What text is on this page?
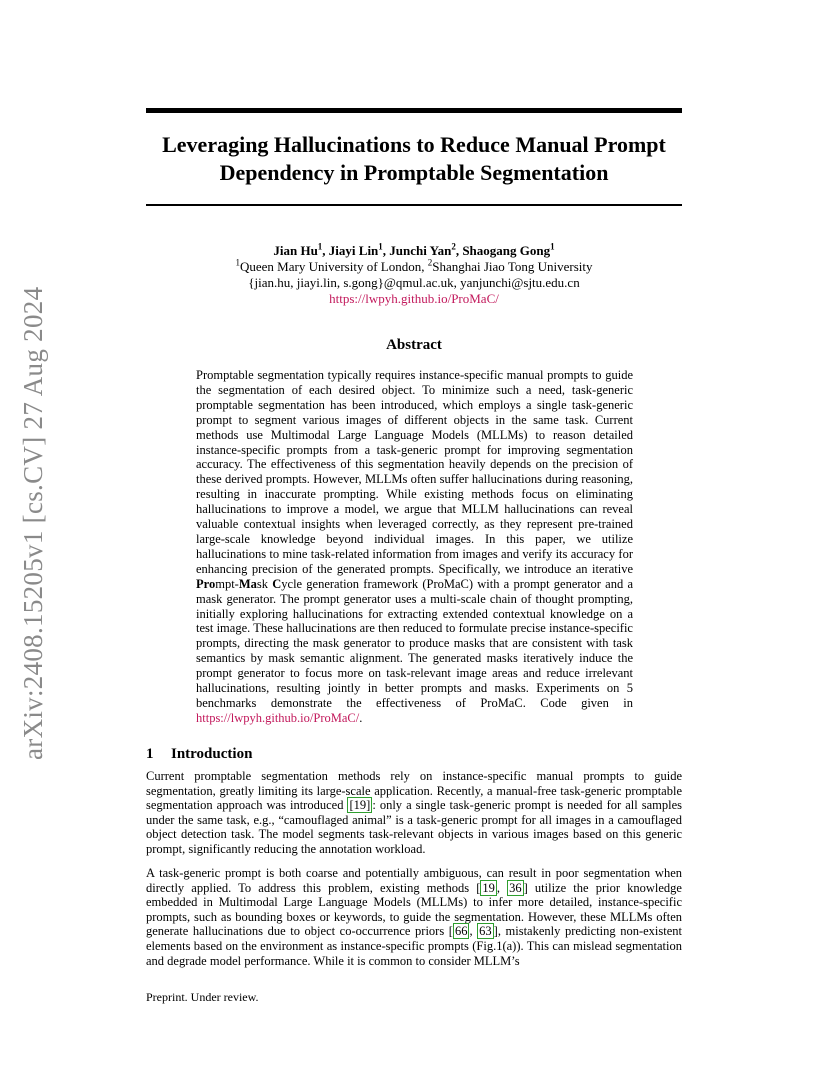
arXiv:2408.15205v1 [cs.CV] 27 Aug 2024
Leveraging Hallucinations to Reduce Manual Prompt Dependency in Promptable Segmentation
Jian Hu$^1$, Jiayi Lin$^1$, Junchi Yan$^2$, Shaogang Gong$^1$
$^1$Queen Mary University of London, $^2$Shanghai Jiao Tong University
{jian.hu, jiayi.lin, s.gong}@qmul.ac.uk, yanjunchi@sjtu.edu.cn
https://lwpyh.github.io/ProMaC/
Abstract
Promptable segmentation typically requires instance-specific manual prompts to guide the segmentation of each desired object. To minimize such a need, task-generic promptable segmentation has been introduced, which employs a single task-generic prompt to segment various images of different objects in the same task. Current methods use Multimodal Large Language Models (MLLMs) to reason detailed instance-specific prompts from a task-generic prompt for improving segmentation accuracy. The effectiveness of this segmentation heavily depends on the precision of these derived prompts. However, MLLMs often suffer hallucinations during reasoning, resulting in inaccurate prompting. While existing methods focus on eliminating hallucinations to improve a model, we argue that MLLM hallucinations can reveal valuable contextual insights when leveraged correctly, as they represent pre-trained large-scale knowledge beyond individual images. In this paper, we utilize hallucinations to mine task-related information from images and verify its accuracy for enhancing precision of the generated prompts. Specifically, we introduce an iterative Prompt-Mask Cycle generation framework (ProMaC) with a prompt generator and a mask generator. The prompt generator uses a multi-scale chain of thought prompting, initially exploring hallucinations for extracting extended contextual knowledge on a test image. These hallucinations are then reduced to formulate precise instance-specific prompts, directing the mask generator to produce masks that are consistent with task semantics by mask semantic alignment. The generated masks iteratively induce the prompt generator to focus more on task-relevant image areas and reduce irrelevant hallucinations, resulting jointly in better prompts and masks. Experiments on 5 benchmarks demonstrate the effectiveness of ProMaC. Code given in https://lwpyh.github.io/ProMaC/.
1 Introduction
Current promptable segmentation methods rely on instance-specific manual prompts to guide segmentation, greatly limiting its large-scale application. Recently, a manual-free task-generic promptable segmentation approach was introduced [19] : only a single task-generic prompt is needed for all samples under the same task, e.g., “camouflaged animal” is a task-generic prompt for all images in a camouflaged object detection task. The model segments task-relevant objects in various images based on this generic prompt, significantly reducing the annotation workload.
A task-generic prompt is both coarse and potentially ambiguous, can result in poor segmentation when directly applied. To address this problem, existing methods [ 19 , 36 ] utilize the prior knowledge embedded in Multimodal Large Language Models (MLLMs) to infer more detailed, instance-specific prompts, such as bounding boxes or keywords, to guide the segmentation. However, these MLLMs often generate hallucinations due to object co-occurrence priors [ 66 , 63 ], mistakenly predicting non-existent elements based on the environment as instance-specific prompts (Fig.1(a)). This can mislead segmentation and degrade model performance. While it is common to consider MLLM’s
Preprint. Under review.
